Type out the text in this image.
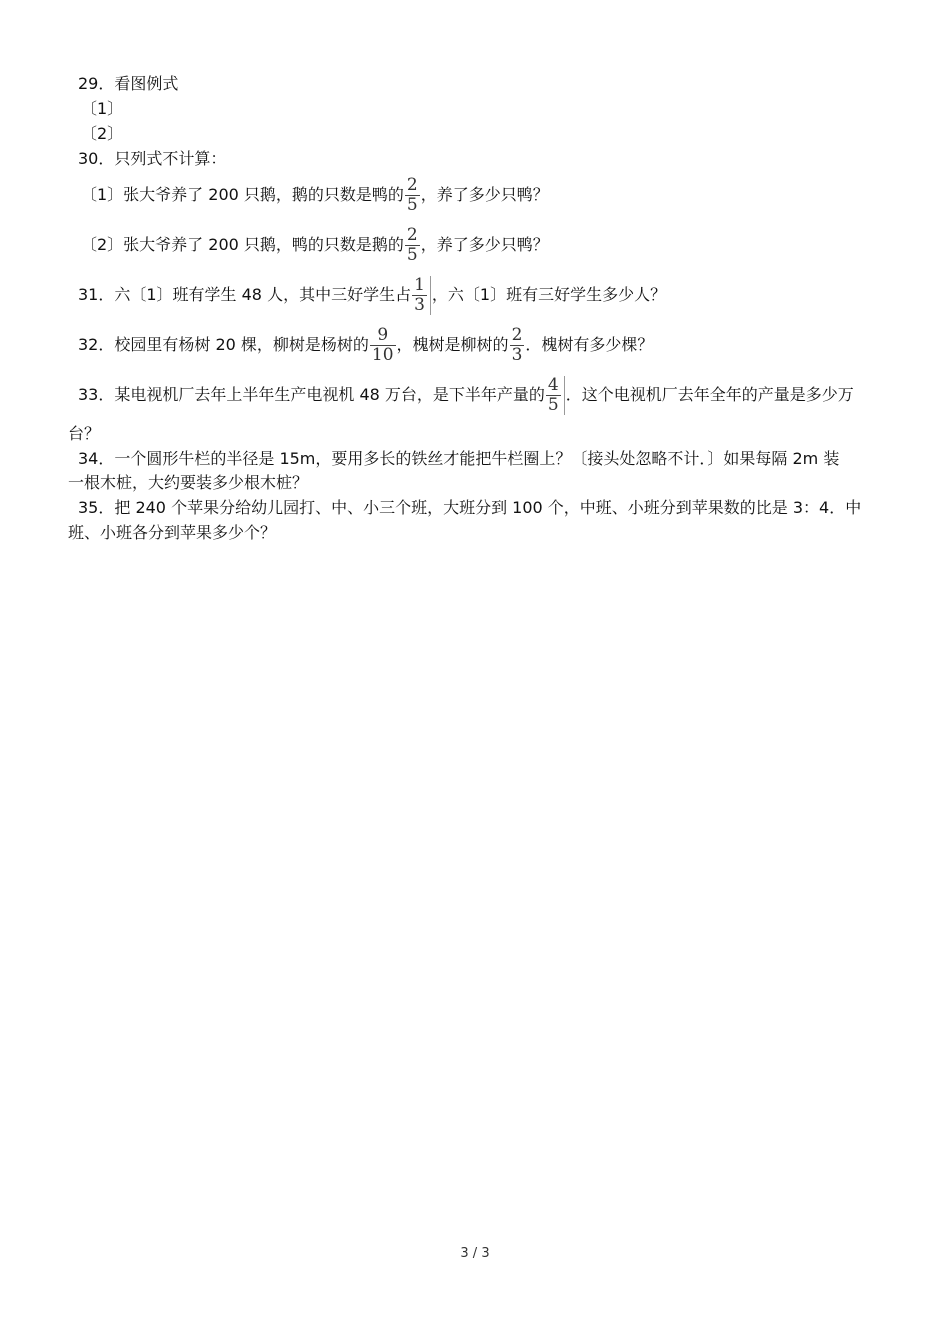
29．看图例式
〔1〕
〔2〕
30．只列式不计算：
〔1〕张大爷养了 200 只鹅，鹅的只数是鸭的 $\frac{2}{5}$ ，养了多少只鸭？
〔2〕张大爷养了 200 只鹅，鸭的只数是鹅的 $\frac{2}{5}$ ，养了多少只鸭？
31．六〔1〕班有学生 48 人，其中三好学生占 $\frac{1}{3}$ ，六〔1〕班有三好学生多少人？
32．校园里有杨树 20 棵，柳树是杨树的 $\frac{9}{10}$ ，槐树是柳树的 $\frac{2}{3}$ ．槐树有多少棵？
33．某电视机厂去年上半年生产电视机 48 万台，是下半年产量的 $\frac{4}{5}$ ．这个电视机厂去年全年的产量是多少万
台？
34．一个圆形牛栏的半径是 15m，要用多长的铁丝才能把牛栏圈上？〔接头处忽略不计．〕如果每隔 2m 装
一根木桩，大约要装多少根木桩？
35．把 240 个苹果分给幼儿园打、中、小三个班，大班分到 100 个，中班、小班分到苹果数的比是 3：4．中
班、小班各分到苹果多少个？
3 / 3
